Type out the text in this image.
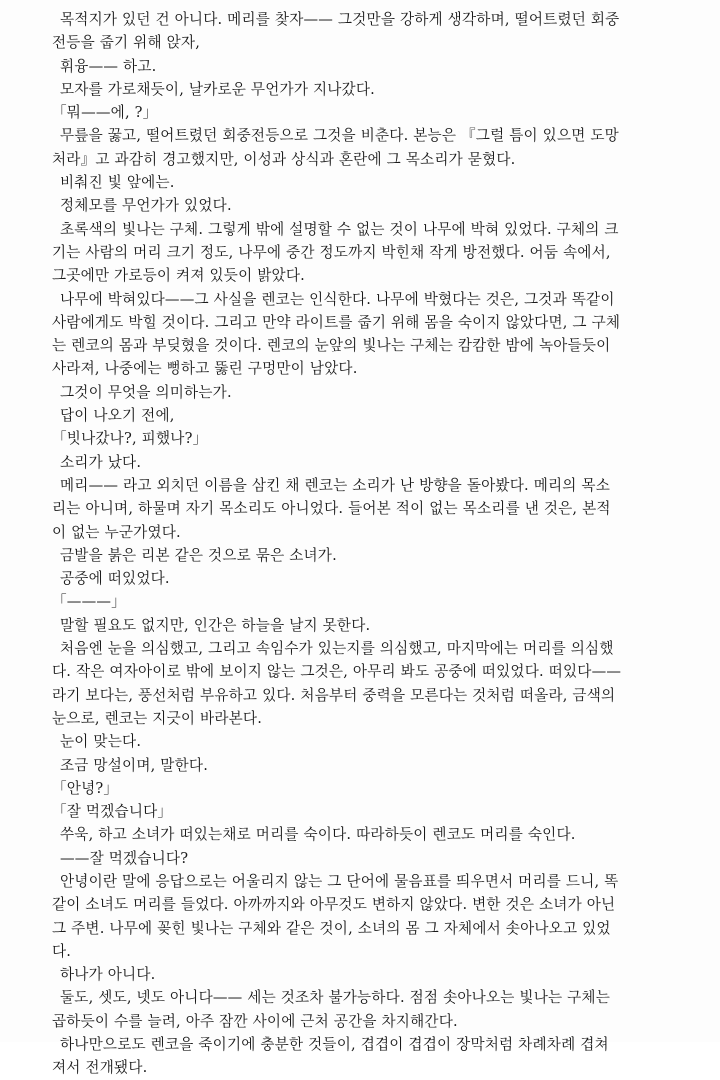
목적지가 있던 건 아니다. 메리를 찾자—— 그것만을 강하게 생각하며, 떨어트렸던 회중
전등을 줍기 위해 앉자,
휘융—— 하고.
모자를 가로채듯이, 날카로운 무언가가 지나갔다.
「뭐——에, ?」
무릎을 꿇고, 떨어트렸던 회중전등으로 그것을 비춘다. 본능은 『그럴 틈이 있으면 도망
처라』고 과감히 경고했지만, 이성과 상식과 혼란에 그 목소리가 묻혔다.
비춰진 빛 앞에는.
정체모를 무언가가 있었다.
초록색의 빛나는 구체. 그렇게 밖에 설명할 수 없는 것이 나무에 박혀 있었다. 구체의 크
기는 사람의 머리 크기 정도, 나무에 중간 정도까지 박힌채 작게 방전했다. 어둠 속에서,
그곳에만 가로등이 켜져 있듯이 밝았다.
나무에 박혀있다——그 사실을 렌코는 인식한다. 나무에 박혔다는 것은, 그것과 똑같이
사람에게도 박힐 것이다. 그리고 만약 라이트를 줍기 위해 몸을 숙이지 않았다면, 그 구체
는 렌코의 몸과 부딪혔을 것이다. 렌코의 눈앞의 빛나는 구체는 캄캄한 밤에 녹아들듯이
사라져, 나중에는 뻥하고 뚫린 구멍만이 남았다.
그것이 무엇을 의미하는가.
답이 나오기 전에,
「빗나갔나?, 피했나?」
소리가 났다.
메리—— 라고 외치던 이름을 삼킨 채 렌코는 소리가 난 방향을 돌아봤다. 메리의 목소
리는 아니며, 하물며 자기 목소리도 아니었다. 들어본 적이 없는 목소리를 낸 것은, 본적
이 없는 누군가였다.
금발을 붉은 리본 같은 것으로 묶은 소녀가.
공중에 떠있었다.
「———」
말할 필요도 없지만, 인간은 하늘을 날지 못한다.
처음엔 눈을 의심했고, 그리고 속임수가 있는지를 의심했고, 마지막에는 머리를 의심했
다. 작은 여자아이로 밖에 보이지 않는 그것은, 아무리 봐도 공중에 떠있었다. 떠있다——
라기 보다는, 풍선처럼 부유하고 있다. 처음부터 중력을 모른다는 것처럼 떠올라, 금색의
눈으로, 렌코는 지긋이 바라본다.
눈이 맞는다.
조금 망설이며, 말한다.
「안녕?」
「잘 먹겠습니다」
쑤욱, 하고 소녀가 떠있는채로 머리를 숙이다. 따라하듯이 렌코도 머리를 숙인다.
——잘 먹겠습니다?
안녕이란 말에 응답으로는 어울리지 않는 그 단어에 물음표를 띄우면서 머리를 드니, 똑
같이 소녀도 머리를 들었다. 아까까지와 아무것도 변하지 않았다. 변한 것은 소녀가 아닌
그 주변. 나무에 꽂힌 빛나는 구체와 같은 것이, 소녀의 몸 그 자체에서 솟아나오고 있었
다.
하나가 아니다.
둘도, 셋도, 넷도 아니다—— 세는 것조차 불가능하다. 점점 솟아나오는 빛나는 구체는
곱하듯이 수를 늘려, 아주 잠깐 사이에 근처 공간을 차지해간다.
하나만으로도 렌코을 죽이기에 충분한 것들이, 겹겹이 겹겹이 장막처럼 차례차례 겹쳐
져서 전개됐다.
